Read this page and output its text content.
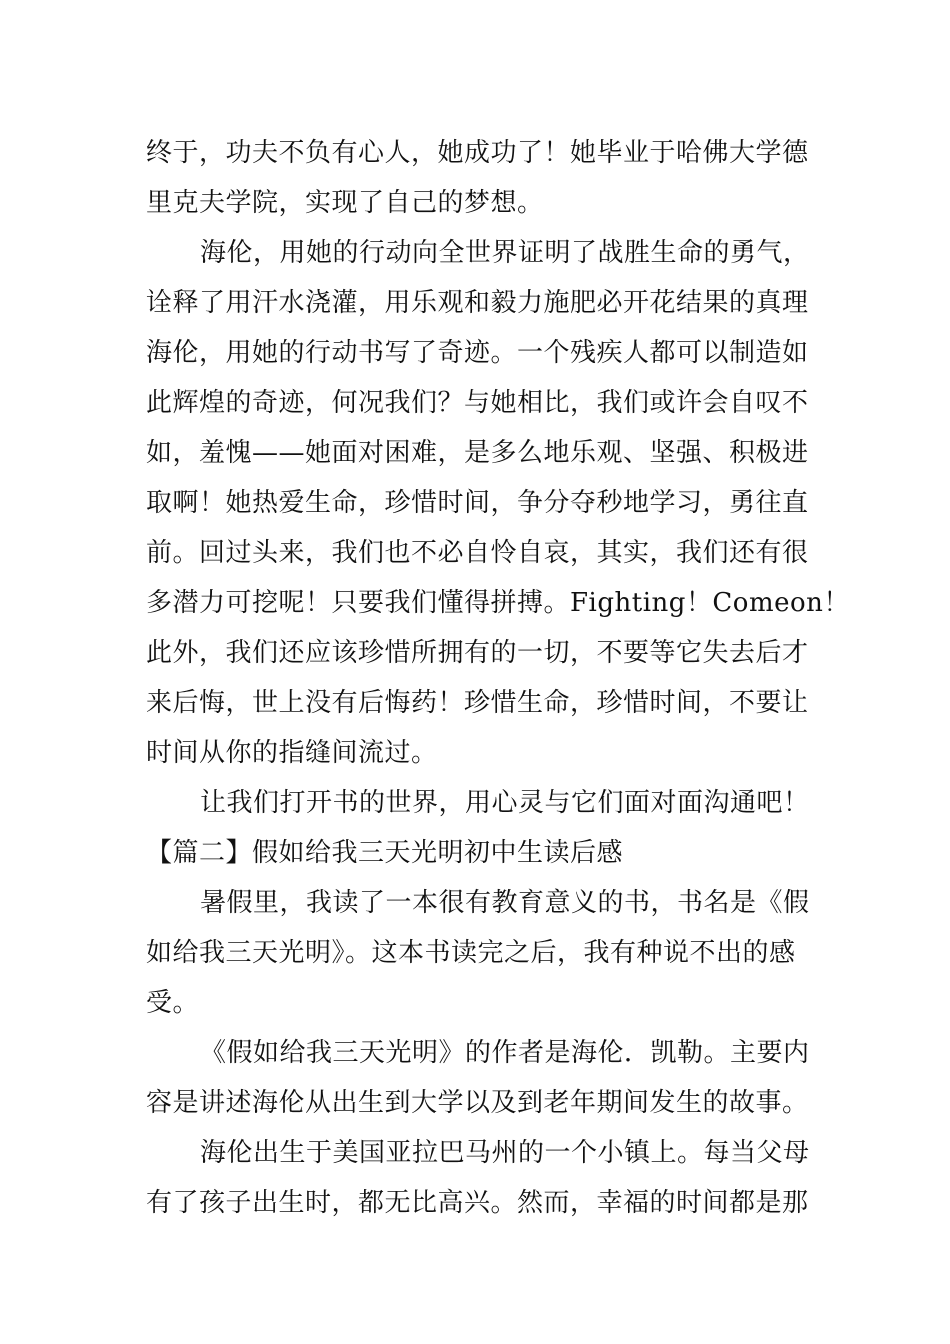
终于，功夫不负有心人，她成功了！她毕业于哈佛大学德
里克夫学院，实现了自己的梦想。
海伦，用她的行动向全世界证明了战胜生命的勇气，
诠释了用汗水浇灌，用乐观和毅力施肥必开花结果的真理
海伦，用她的行动书写了奇迹。一个残疾人都可以制造如
此辉煌的奇迹，何况我们？与她相比，我们或许会自叹不
如，羞愧——她面对困难，是多么地乐观、坚强、积极进
取啊！她热爱生命，珍惜时间，争分夺秒地学习，勇往直
前。回过头来，我们也不必自怜自哀，其实，我们还有很
多潜力可挖呢！只要我们懂得拼搏。Fighting！Comeon！
此外，我们还应该珍惜所拥有的一切，不要等它失去后才
来后悔，世上没有后悔药！珍惜生命，珍惜时间，不要让
时间从你的指缝间流过。
让我们打开书的世界，用心灵与它们面对面沟通吧！
【篇二】假如给我三天光明初中生读后感
暑假里，我读了一本很有教育意义的书，书名是《假
如给我三天光明》。这本书读完之后，我有种说不出的感
受。
《假如给我三天光明》的作者是海伦．凯勒。主要内
容是讲述海伦从出生到大学以及到老年期间发生的故事。
海伦出生于美国亚拉巴马州的一个小镇上。每当父母
有了孩子出生时，都无比高兴。然而，幸福的时间都是那
